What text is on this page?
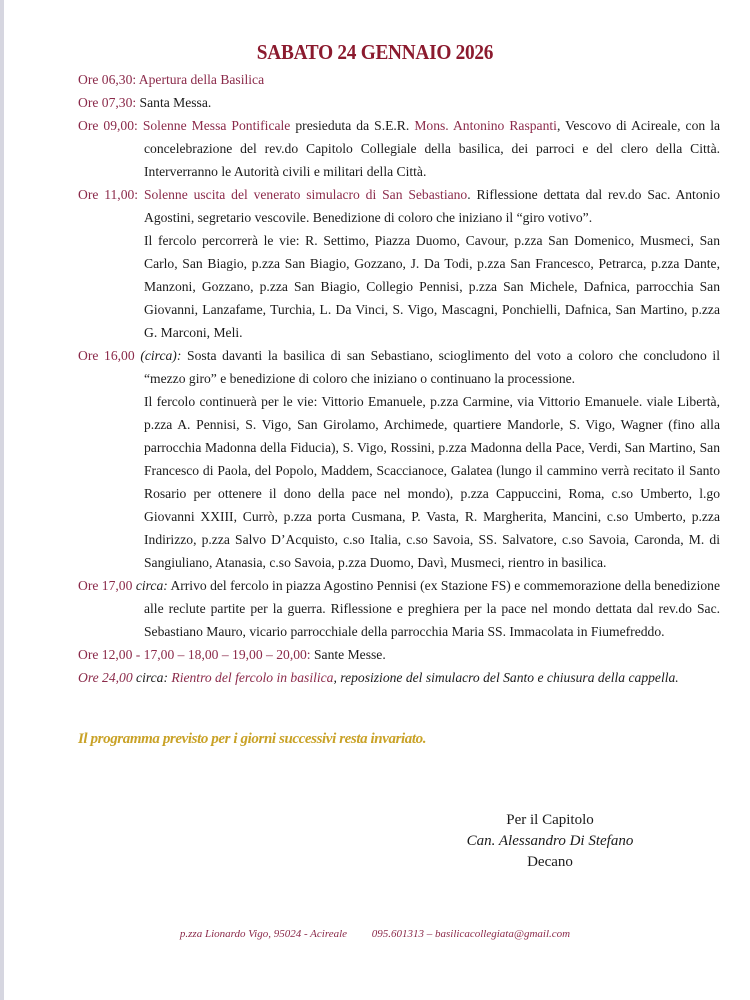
SABATO 24 GENNAIO 2026

Ore 06,30: Apertura della Basilica

Ore 07,30: Santa Messa.

Ore 09,00: Solenne Messa Pontificale presieduta da S.E.R. Mons. Antonino Raspanti, Vescovo di Acireale, con la concelebrazione del rev.do Capitolo Collegiale della basilica, dei parroci e del clero della Città. Interverranno le Autorità civili e militari della Città.

Ore 11,00: Solenne uscita del venerato simulacro di San Sebastiano. Riflessione dettata dal rev.do Sac. Antonio Agostini, segretario vescovile. Benedizione di coloro che iniziano il “giro votivo”.

Il fercolo percorrerà le vie: R. Settimo, Piazza Duomo, Cavour, p.zza San Domenico, Musmeci, San Carlo, San Biagio, p.zza San Biagio, Gozzano, J. Da Todi, p.zza San Francesco, Petrarca, p.zza Dante, Manzoni, Gozzano, p.zza San Biagio, Collegio Pennisi, p.zza San Michele, Dafnica, parrocchia San Giovanni, Lanzafame, Turchia, L. Da Vinci, S. Vigo, Mascagni, Ponchielli, Dafnica, San Martino, p.zza G. Marconi, Meli.

Ore 16,00 (circa): Sosta davanti la basilica di san Sebastiano, scioglimento del voto a coloro che concludono il “mezzo giro” e benedizione di coloro che iniziano o continuano la processione.

Il fercolo continuerà per le vie: Vittorio Emanuele, p.zza Carmine, via Vittorio Emanuele. viale Libertà, p.zza A. Pennisi, S. Vigo, San Girolamo, Archimede, quartiere Mandorle, S. Vigo, Wagner (fino alla parrocchia Madonna della Fiducia), S. Vigo, Rossini, p.zza Madonna della Pace, Verdi, San Martino, San Francesco di Paola, del Popolo, Maddem, Scaccianoce, Galatea (lungo il cammino verrà recitato il Santo Rosario per ottenere il dono della pace nel mondo), p.zza Cappuccini, Roma, c.so Umberto, l.go Giovanni XXIII, Currò, p.zza porta Cusmana, P. Vasta, R. Margherita, Mancini, c.so Umberto, p.zza Indirizzo, p.zza Salvo D’Acquisto, c.so Italia, c.so Savoia, SS. Salvatore, c.so Savoia, Caronda, M. di Sangiuliano, Atanasia, c.so Savoia, p.zza Duomo, Davì, Musmeci, rientro in basilica.

Ore 17,00 circa: Arrivo del fercolo in piazza Agostino Pennisi (ex Stazione FS) e commemorazione della benedizione alle reclute partite per la guerra. Riflessione e preghiera per la pace nel mondo dettata dal rev.do Sac. Sebastiano Mauro, vicario parrocchiale della parrocchia Maria SS. Immacolata in Fiumefreddo.

Ore 12,00 - 17,00 – 18,00 – 19,00 – 20,00: Sante Messe.

Ore 24,00 circa: Rientro del fercolo in basilica, reposizione del simulacro del Santo e chiusura della cappella.

Il programma previsto per i giorni successivi resta invariato.

Per il Capitolo
Can. Alessandro Di Stefano
Decano
p.zza Lionardo Vigo, 95024 - Acireale 095.601313 – basilicacollegiata@gmail.com
